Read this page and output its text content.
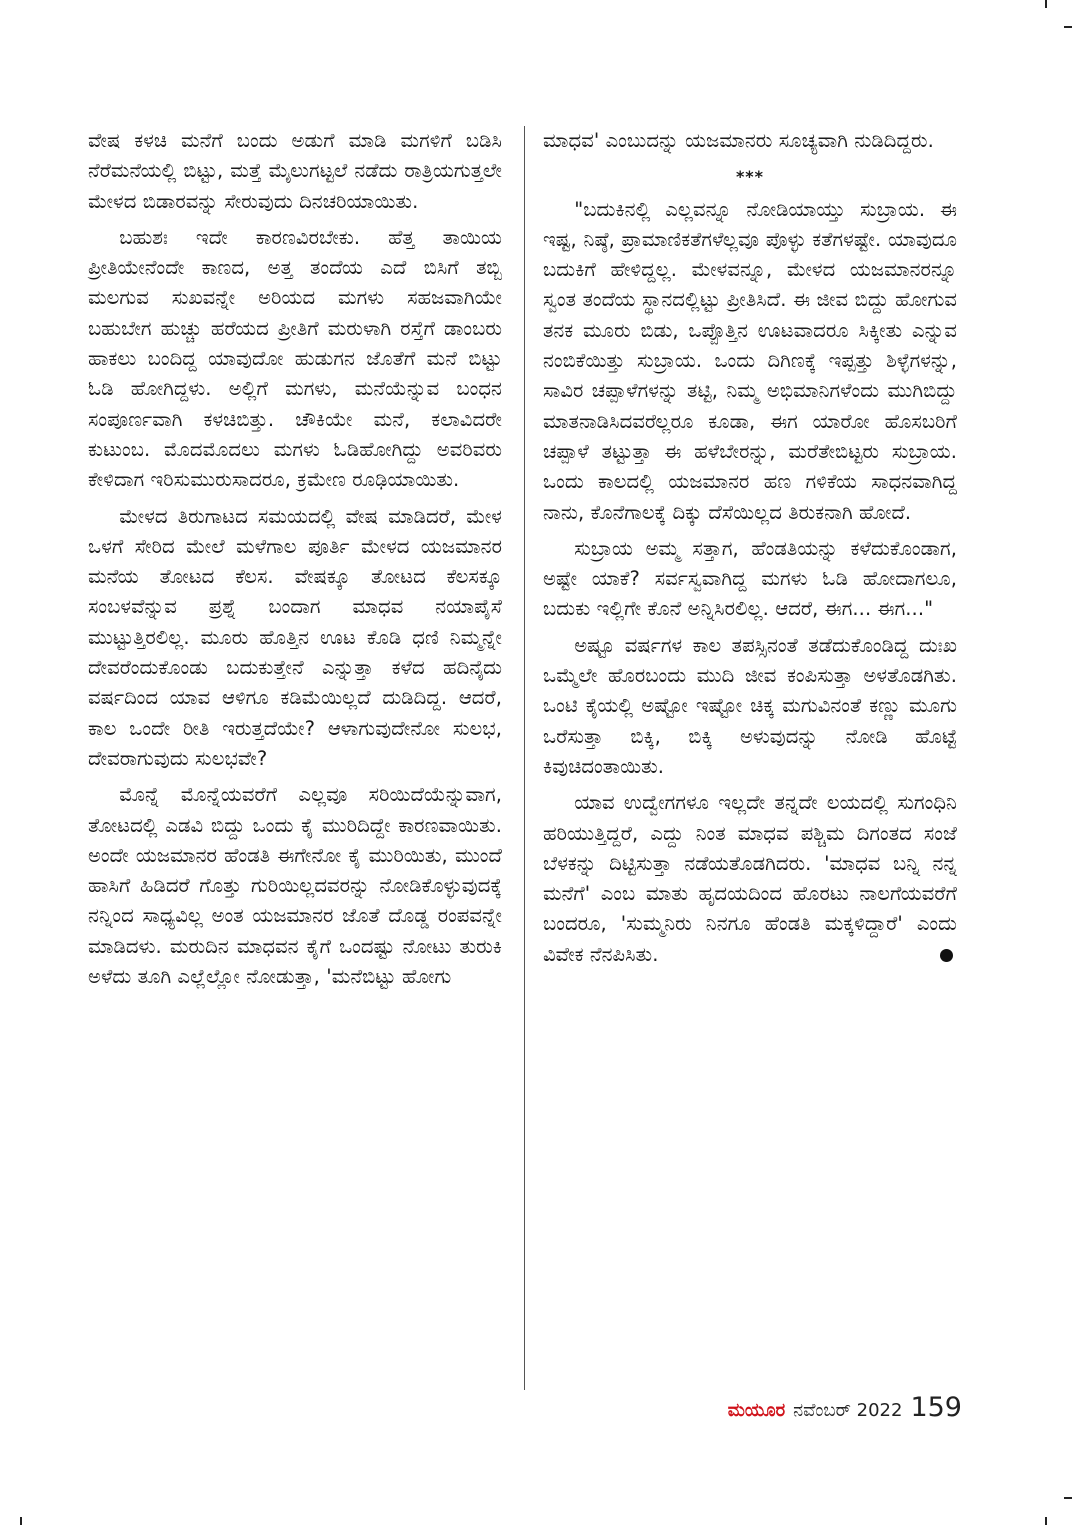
ವೇಷ ಕಳಚಿ ಮನೆಗೆ ಬಂದು ಅಡುಗೆ ಮಾಡಿ ಮಗಳಿಗೆ ಬಡಿಸಿ ನೆರೆಮನೆಯಲ್ಲಿ ಬಿಟ್ಟು, ಮತ್ತೆ ಮೈಲುಗಟ್ಟಲೆ ನಡೆದು ರಾತ್ರಿಯಗುತ್ತಲೇ ಮೇಳದ ಬಿಡಾರವನ್ನು ಸೇರುವುದು ದಿನಚರಿಯಾಯಿತು.

ಬಹುಶಃ ಇದೇ ಕಾರಣವಿರಬೇಕು. ಹೆತ್ತ ತಾಯಿಯ ಪ್ರೀತಿಯೇನೆಂದೇ ಕಾಣದ, ಅತ್ತ ತಂದೆಯ ಎದೆ ಬಿಸಿಗೆ ತಬ್ಬಿ ಮಲಗುವ ಸುಖವನ್ನೇ ಅರಿಯದ ಮಗಳು ಸಹಜವಾಗಿಯೇ ಬಹುಬೇಗ ಹುಚ್ಚು ಹರೆಯದ ಪ್ರೀತಿಗೆ ಮರುಳಾಗಿ ರಸ್ತೆಗೆ ಡಾಂಬರು ಹಾಕಲು ಬಂದಿದ್ದ ಯಾವುದೋ ಹುಡುಗನ ಜೊತೆಗೆ ಮನೆ ಬಿಟ್ಟು ಓಡಿ ಹೋಗಿದ್ದಳು. ಅಲ್ಲಿಗೆ ಮಗಳು, ಮನೆಯೆನ್ನುವ ಬಂಧನ ಸಂಪೂರ್ಣವಾಗಿ ಕಳಚಿಬಿತ್ತು. ಚೌಕಿಯೇ ಮನೆ, ಕಲಾವಿದರೇ ಕುಟುಂಬ. ಮೊದಮೊದಲು ಮಗಳು ಓಡಿಹೋಗಿದ್ದು ಅವರಿವರು ಕೇಳಿದಾಗ ಇರಿಸುಮುರುಸಾದರೂ, ಕ್ರಮೇಣ ರೂಢಿಯಾಯಿತು.

ಮೇಳದ ತಿರುಗಾಟದ ಸಮಯದಲ್ಲಿ ವೇಷ ಮಾಡಿದರೆ, ಮೇಳ ಒಳಗೆ ಸೇರಿದ ಮೇಲೆ ಮಳೆಗಾಲ ಪೂರ್ತಿ ಮೇಳದ ಯಜಮಾನರ ಮನೆಯ ತೋಟದ ಕೆಲಸ. ವೇಷಕ್ಕೂ ತೋಟದ ಕೆಲಸಕ್ಕೂ ಸಂಬಳವೆನ್ನುವ ಪ್ರಶ್ನೆ ಬಂದಾಗ ಮಾಧವ ನಯಾಪೈಸೆ ಮುಟ್ಟುತ್ತಿರಲಿಲ್ಲ. ಮೂರು ಹೊತ್ತಿನ ಊಟ ಕೊಡಿ ಧಣಿ ನಿಮ್ಮನ್ನೇ ದೇವರೆಂದುಕೊಂಡು ಬದುಕುತ್ತೇನೆ ಎನ್ನುತ್ತಾ ಕಳೆದ ಹದಿನೈದು ವರ್ಷದಿಂದ ಯಾವ ಆಳಿಗೂ ಕಡಿಮೆಯಿಲ್ಲದೆ ದುಡಿದಿದ್ದ. ಆದರೆ, ಕಾಲ ಒಂದೇ ರೀತಿ ಇರುತ್ತದೆಯೇ? ಆಳಾಗುವುದೇನೋ ಸುಲಭ, ದೇವರಾಗುವುದು ಸುಲಭವೇ?

ಮೊನ್ನೆ ಮೊನ್ನೆಯವರೆಗೆ ಎಲ್ಲವೂ ಸರಿಯಿದೆಯೆನ್ನುವಾಗ, ತೋಟದಲ್ಲಿ ಎಡವಿ ಬಿದ್ದು ಒಂದು ಕೈ ಮುರಿದಿದ್ದೇ ಕಾರಣವಾಯಿತು. ಅಂದೇ ಯಜಮಾನರ ಹೆಂಡತಿ ಈಗೇನೋ ಕೈ ಮುರಿಯಿತು, ಮುಂದೆ ಹಾಸಿಗೆ ಹಿಡಿದರೆ ಗೊತ್ತು ಗುರಿಯಿಲ್ಲದವರನ್ನು ನೋಡಿಕೊಳ್ಳುವುದಕ್ಕೆ ನನ್ನಿಂದ ಸಾಧ್ಯವಿಲ್ಲ ಅಂತ ಯಜಮಾನರ ಜೊತೆ ದೊಡ್ಡ ರಂಪವನ್ನೇ ಮಾಡಿದಳು. ಮರುದಿನ ಮಾಧವನ ಕೈಗೆ ಒಂದಷ್ಟು ನೋಟು ತುರುಕಿ ಅಳೆದು ತೂಗಿ ಎಲ್ಲೆಲ್ಲೋ ನೋಡುತ್ತಾ, 'ಮನೆಬಿಟ್ಟು ಹೋಗು

ಮಾಧವ' ಎಂಬುದನ್ನು ಯಜಮಾನರು ಸೂಚ್ಯವಾಗಿ ನುಡಿದಿದ್ದರು.

***

"ಬದುಕಿನಲ್ಲಿ ಎಲ್ಲವನ್ನೂ ನೋಡಿಯಾಯ್ತು ಸುಬ್ರಾಯ. ಈ ಇಷ್ಟ, ನಿಷ್ಠೆ, ಪ್ರಾಮಾಣಿಕತೆಗಳೆಲ್ಲವೂ ಪೊಳ್ಳು ಕತೆಗಳಷ್ಟೇ. ಯಾವುದೂ ಬದುಕಿಗೆ ಹೇಳಿದ್ದಲ್ಲ. ಮೇಳವನ್ನೂ, ಮೇಳದ ಯಜಮಾನರನ್ನೂ ಸ್ವಂತ ತಂದೆಯ ಸ್ಥಾನದಲ್ಲಿಟ್ಟು ಪ್ರೀತಿಸಿದೆ. ಈ ಜೀವ ಬಿದ್ದು ಹೋಗುವ ತನಕ ಮೂರು ಬಿಡು, ಒಪ್ಪೊತ್ತಿನ ಊಟವಾದರೂ ಸಿಕ್ಕೀತು ಎನ್ನುವ ನಂಬಿಕೆಯಿತ್ತು ಸುಬ್ರಾಯ. ಒಂದು ದಿಗಿಣಕ್ಕೆ ಇಪ್ಪತ್ತು ಶಿಳ್ಳೆಗಳನ್ನು, ಸಾವಿರ ಚಪ್ಪಾಳೆಗಳನ್ನು ತಟ್ಟಿ, ನಿಮ್ಮ ಅಭಿಮಾನಿಗಳೆಂದು ಮುಗಿಬಿದ್ದು ಮಾತನಾಡಿಸಿದವರೆಲ್ಲರೂ ಕೂಡಾ, ಈಗ ಯಾರೋ ಹೊಸಬರಿಗೆ ಚಪ್ಪಾಳೆ ತಟ್ಟುತ್ತಾ ಈ ಹಳೆಬೇರನ್ನು, ಮರೆತೇಬಿಟ್ಟರು ಸುಬ್ರಾಯ. ಒಂದು ಕಾಲದಲ್ಲಿ ಯಜಮಾನರ ಹಣ ಗಳಿಕೆಯ ಸಾಧನವಾಗಿದ್ದ ನಾನು, ಕೊನೆಗಾಲಕ್ಕೆ ದಿಕ್ಕು ದೆಸೆಯಿಲ್ಲದ ತಿರುಕನಾಗಿ ಹೋದೆ.

ಸುಬ್ರಾಯ ಅಮ್ಮ ಸತ್ತಾಗ, ಹೆಂಡತಿಯನ್ನು ಕಳೆದುಕೊಂಡಾಗ, ಅಷ್ಟೇ ಯಾಕೆ? ಸರ್ವಸ್ವವಾಗಿದ್ದ ಮಗಳು ಓಡಿ ಹೋದಾಗಲೂ, ಬದುಕು ಇಲ್ಲಿಗೇ ಕೊನೆ ಅನ್ನಿಸಿರಲಿಲ್ಲ. ಆದರೆ, ಈಗ... ಈಗ..."

ಅಷ್ಟೂ ವರ್ಷಗಳ ಕಾಲ ತಪಸ್ಸಿನಂತೆ ತಡೆದುಕೊಂಡಿದ್ದ ದುಃಖ ಒಮ್ಮೆಲೇ ಹೊರಬಂದು ಮುದಿ ಜೀವ ಕಂಪಿಸುತ್ತಾ ಅಳತೊಡಗಿತು. ಒಂಟಿ ಕೈಯಲ್ಲಿ ಅಷ್ಟೋ ಇಷ್ಟೋ ಚಿಕ್ಕ ಮಗುವಿನಂತೆ ಕಣ್ಣು ಮೂಗು ಒರೆಸುತ್ತಾ ಬಿಕ್ಕಿ, ಬಿಕ್ಕಿ ಅಳುವುದನ್ನು ನೋಡಿ ಹೊಟ್ಟೆ ಕಿವುಚಿದಂತಾಯಿತು.

ಯಾವ ಉದ್ವೇಗಗಳೂ ಇಲ್ಲದೇ ತನ್ನದೇ ಲಯದಲ್ಲಿ ಸುಗಂಧಿನಿ ಹರಿಯುತ್ತಿದ್ದರೆ, ಎದ್ದು ನಿಂತ ಮಾಧವ ಪಶ್ಚಿಮ ದಿಗಂತದ ಸಂಜೆ ಬೆಳಕನ್ನು ದಿಟ್ಟಿಸುತ್ತಾ ನಡೆಯತೊಡಗಿದರು. 'ಮಾಧವ ಬನ್ನಿ ನನ್ನ ಮನೆಗೆ' ಎಂಬ ಮಾತು ಹೃದಯದಿಂದ ಹೊರಟು ನಾಲಗೆಯವರೆಗೆ ಬಂದರೂ, 'ಸುಮ್ಮನಿರು ನಿನಗೂ ಹೆಂಡತಿ ಮಕ್ಕಳಿದ್ದಾರೆ' ಎಂದು ವಿವೇಕ ನೆನಪಿಸಿತು.

ಮಯೂರ ನವೆಂಬರ್ 2022 159
